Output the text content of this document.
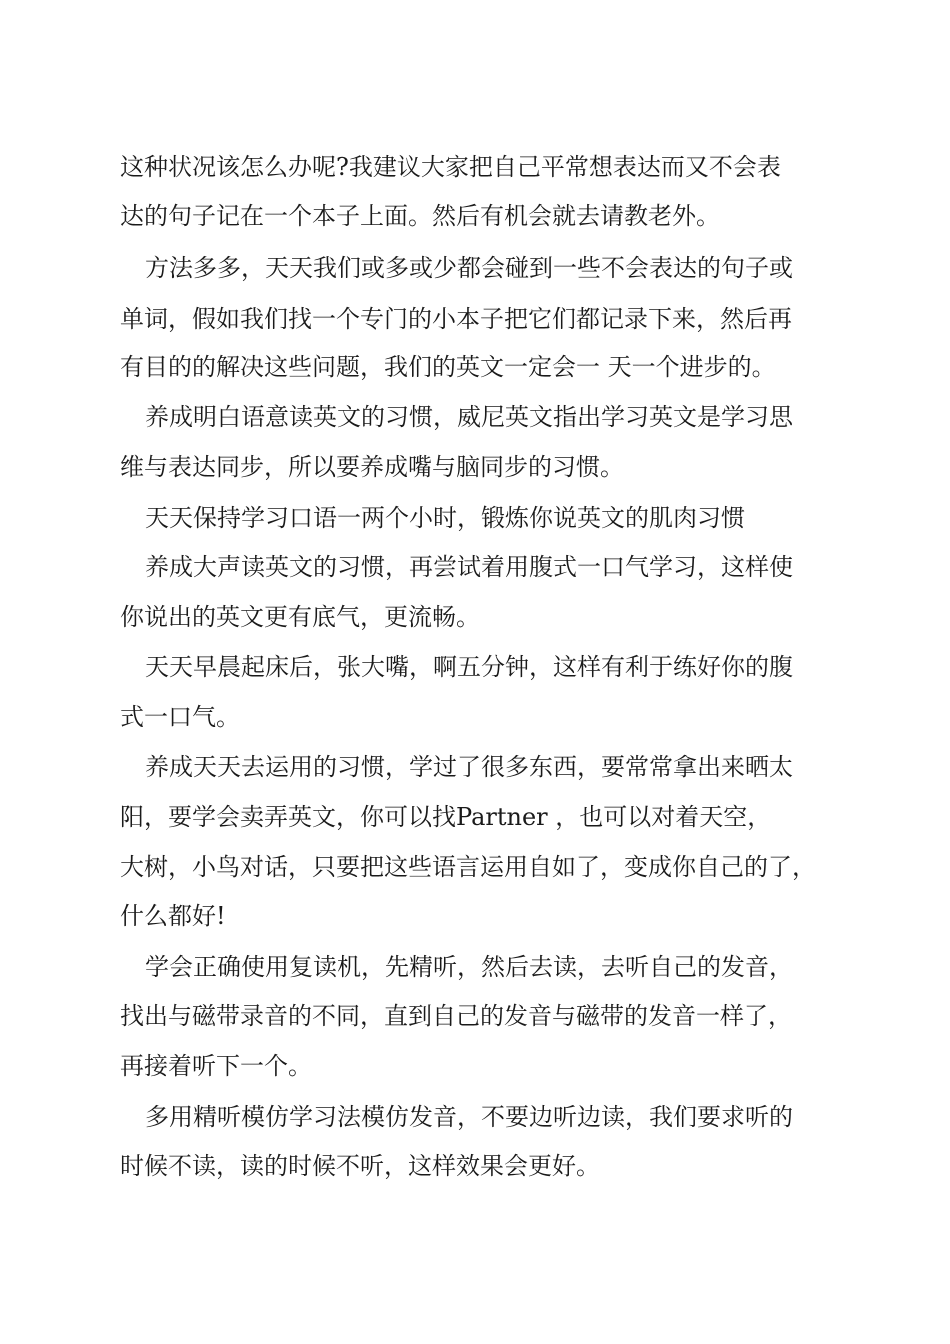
这种状况该怎么办呢?我建议大家把自己平常想表达而又不会表
达的句子记在一个本子上面。然后有机会就去请教老外。
方法多多，天天我们或多或少都会碰到一些不会表达的句子或
单词，假如我们找一个专门的小本子把它们都记录下来，然后再
有目的的解决这些问题，我们的英文一定会一 天一个进步的。
养成明白语意读英文的习惯，威尼英文指出学习英文是学习思
维与表达同步，所以要养成嘴与脑同步的习惯。
天天保持学习口语一两个小时，锻炼你说英文的肌肉习惯
养成大声读英文的习惯，再尝试着用腹式一口气学习，这样使
你说出的英文更有底气，更流畅。
天天早晨起床后，张大嘴，啊五分钟，这样有利于练好你的腹
式一口气。
养成天天去运用的习惯，学过了很多东西，要常常拿出来晒太
阳，要学会卖弄英文，你可以找Partner ，也可以对着天空，
大树，小鸟对话，只要把这些语言运用自如了，变成你自己的了，
什么都好!
学会正确使用复读机，先精听，然后去读，去听自己的发音，
找出与磁带录音的不同，直到自己的发音与磁带的发音一样了，
再接着听下一个。
多用精听模仿学习法模仿发音，不要边听边读，我们要求听的
时候不读，读的时候不听，这样效果会更好。
